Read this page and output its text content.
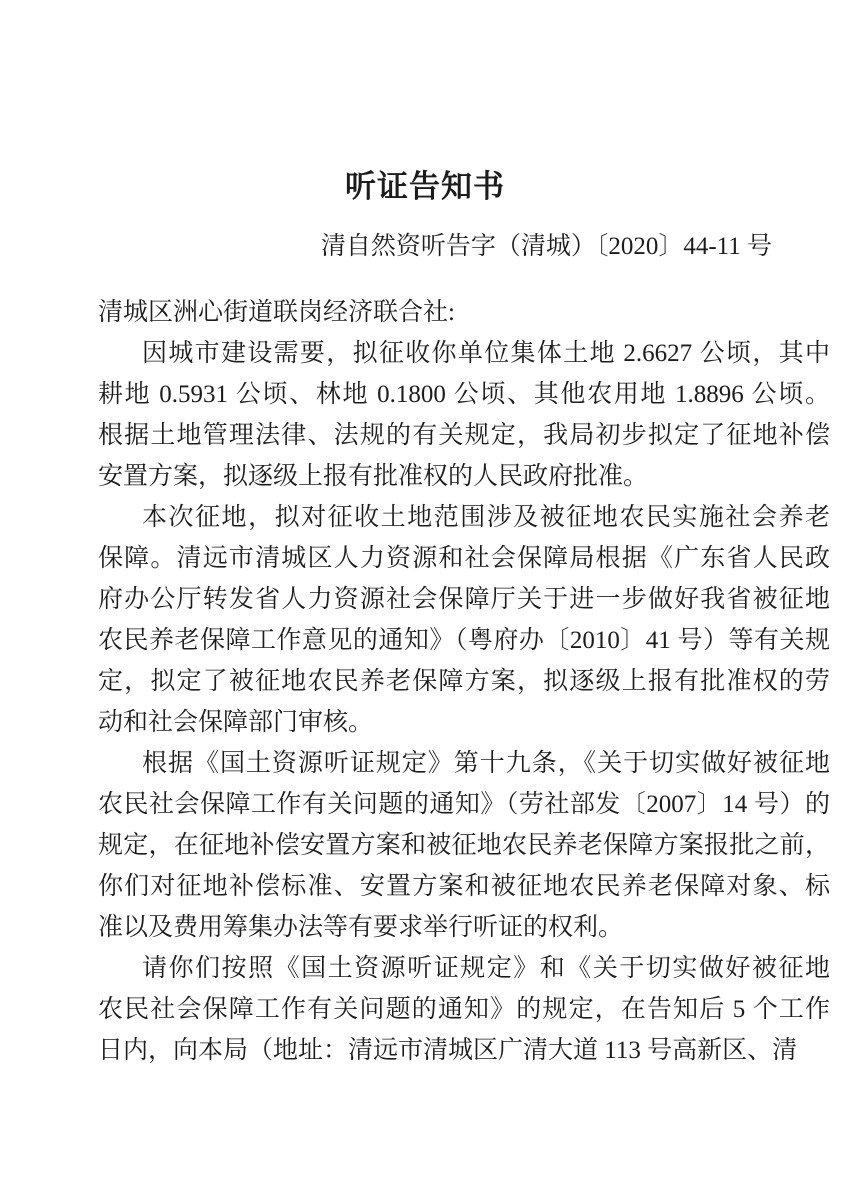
听证告知书
清自然资听告字（清城）〔2020〕44-11 号
清城区洲心街道联岗经济联合社:
因城市建设需要，拟征收你单位集体土地 2.6627 公顷，其中
耕地 0.5931 公顷、林地 0.1800 公顷、其他农用地 1.8896 公顷。
根据土地管理法律、法规的有关规定，我局初步拟定了征地补偿
安置方案，拟逐级上报有批准权的人民政府批准。
本次征地，拟对征收土地范围涉及被征地农民实施社会养老
保障。清远市清城区人力资源和社会保障局根据《广东省人民政
府办公厅转发省人力资源社会保障厅关于进一步做好我省被征地
农民养老保障工作意见的通知》（粤府办〔2010〕41 号）等有关规
定，拟定了被征地农民养老保障方案，拟逐级上报有批准权的劳
动和社会保障部门审核。
根据《国土资源听证规定》第十九条，《关于切实做好被征地
农民社会保障工作有关问题的通知》（劳社部发〔2007〕14 号）的
规定，在征地补偿安置方案和被征地农民养老保障方案报批之前，
你们对征地补偿标准、安置方案和被征地农民养老保障对象、标
准以及费用筹集办法等有要求举行听证的权利。
请你们按照《国土资源听证规定》和《关于切实做好被征地
农民社会保障工作有关问题的通知》的规定，在告知后 5 个工作
日内，向本局（地址：清远市清城区广清大道 113 号高新区、清
